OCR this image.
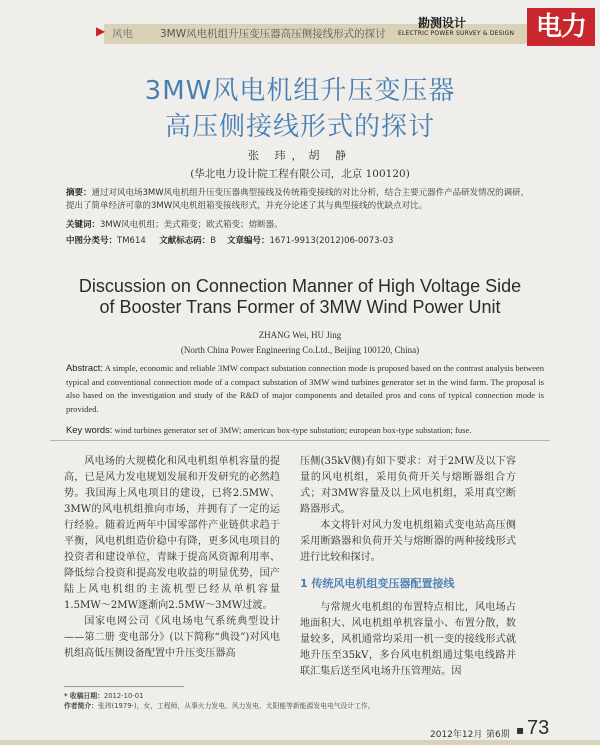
▶ 风电	3MW风电机组升压变压器高压侧接线形式的探讨
勘测设计
ELECTRIC POWER SURVEY & DESIGN 电力
3MW风电机组升压变压器
高压侧接线形式的探讨
张 玮，胡 静
(华北电力设计院工程有限公司，北京 100120)
摘要：通过对风电场3MW风电机组升压变压器典型接线及传统箱变接线的对比分析，结合主要元器件产品研发情况的调研，提出了简单经济可靠的3MW风电机组箱变接线形式，并充分论述了其与典型接线的优缺点对比。
关键词：3MW风电机组；美式箱变；欧式箱变；熔断器。
中图分类号：TM614 文献标志码：B 文章编号：1671-9913(2012)06-0073-03
Discussion on Connection Manner of High Voltage Side
of Booster Trans Former of 3MW Wind Power Unit
ZHANG Wei, HU Jing
(North China Power Engineering Co.Ltd., Beijing 100120, China)
Abstract: A simple, economic and reliable 3MW compact substation connection mode is proposed based on the contrast analysis between typical and conventional connection mode of a compact substation of 3MW wind turbines generator set in the wind farm. The proposal is also based on the investigation and study of the R&D of major components and detailed pros and cons of typical connection mode is provided.
Key words: wind turbines generator set of 3MW; american box-type substation; european box-type substation; fuse.

风电场的大规模化和风电机组单机容量的提高，已是风力发电规划发展和开发研究的必然趋势。我国海上风电项目的建设，已将2.5MW、3MW的风电机组推向市场，并拥有了一定的运行经验。随着近两年中国零部件产业链供求趋于平衡，风电机组造价稳中有降，更多风电项目的投资者和建设单位，青睐于提高风资源利用率、降低综合投资和提高发电收益的明显优势，国产陆上风电机组的主流机型已经从单机容量1.5MW～2MW逐渐向2.5MW～3MW过渡。

国家电网公司《风电场电气系统典型设计——第二册 变电部分》(以下简称“典设”)对风电机组高低压侧设备配置中升压变压器高

压侧(35kV侧)有如下要求：对于2MW及以下容量的风电机组，采用负荷开关与熔断器组合方式；对3MW容量及以上风电机组，采用真空断路器形式。

本文将针对风力发电机组箱式变电站高压侧采用断路器和负荷开关与熔断器的两种接线形式进行比较和探讨。

1 传统风电机组变压器配置接线

与常规火电机组的布置特点相比，风电场占地面积大、风电机组单机容量小、布置分散，数量较多，风机通常均采用一机一变的接线形式就地升压至35kV，多台风电机组通过集电线路并联汇集后送至风电场升压管理站。因

* 收稿日期：2012-10-01
作者简介：张玮(1979-)，女，工程师，从事火力发电、风力发电、太阳能等新能源发电电气设计工作。
2012年12月 第6期 ▪ 73
